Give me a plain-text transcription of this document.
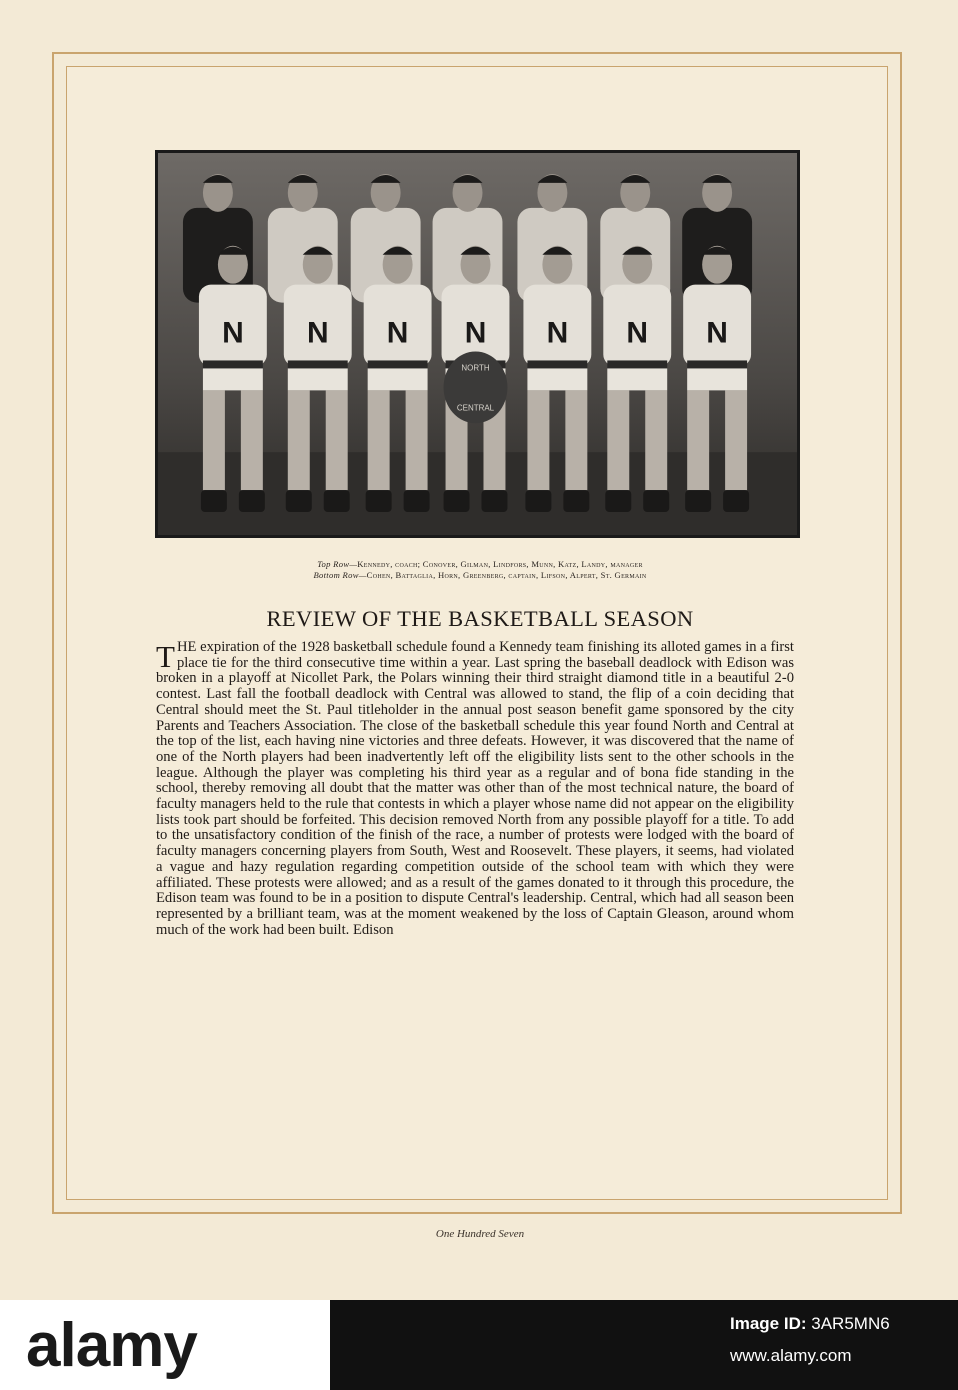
N N N N N N N
NORTH
CENTRAL
Top Row—Kennedy, coach; Conover, Gilman, Lindfors, Munn, Katz, Landy, manager
Bottom Row—Cohen, Battaglia, Horn, Greenberg, captain, Lifson, Alpert, St. Germain
REVIEW OF THE BASKETBALL SEASON

THE expiration of the 1928 basketball schedule found a Kennedy team finishing its alloted games in a first place tie for the third consecutive time within a year. Last spring the baseball deadlock with Edison was broken in a playoff at Nicollet Park, the Polars winning their third straight diamond title in a beautiful 2-0 contest. Last fall the football deadlock with Central was allowed to stand, the flip of a coin deciding that Central should meet the St. Paul titleholder in the annual post season benefit game sponsored by the city Parents and Teachers Association. The close of the basketball schedule this year found North and Central at the top of the list, each having nine victories and three defeats. However, it was discovered that the name of one of the North players had been inadvertently left off the eligibility lists sent to the other schools in the league. Although the player was completing his third year as a regular and of bona fide standing in the school, thereby removing all doubt that the matter was other than of the most technical nature, the board of faculty managers held to the rule that contests in which a player whose name did not appear on the eligibility lists took part should be forfeited. This decision removed North from any possible playoff for a title. To add to the unsatisfactory condition of the finish of the race, a number of protests were lodged with the board of faculty managers concerning players from South, West and Roosevelt. These players, it seems, had violated a vague and hazy regulation regarding competition outside of the school team with which they were affiliated. These protests were allowed; and as a result of the games donated to it through this procedure, the Edison team was found to be in a position to dispute Central's leadership. Central, which had all season been represented by a brilliant team, was at the moment weakened by the loss of Captain Gleason, around whom much of the work had been built. Edison

One Hundred Seven
alamy	Image ID: 3AR5MN6
www.alamy.com
